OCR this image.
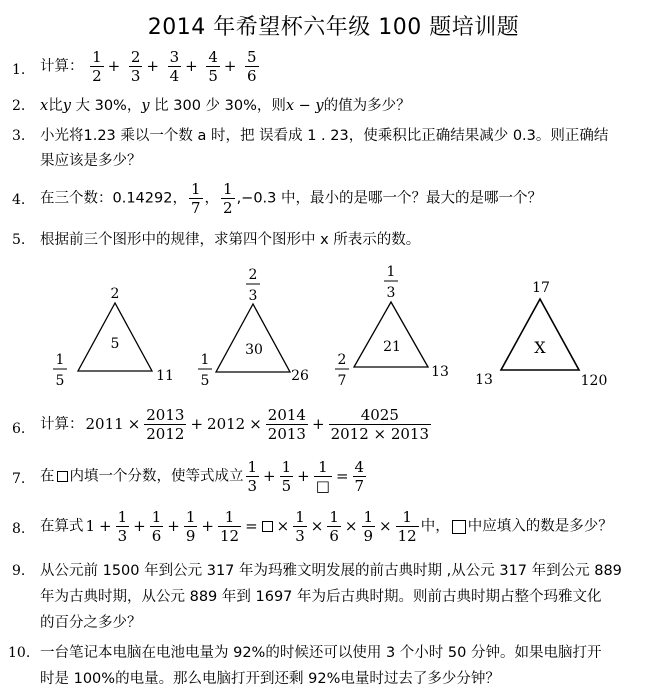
2014 年希望杯六年级 100 题培训题
1. 计算： $\frac{1}{2} + \frac{2}{3} + \frac{3}{4} + \frac{4}{5} + \frac{5}{6}$
2. x比y 大 30%，y 比 300 少 30%，则x − y的值为多少？
3. 小光将1.23 乘以一个数 a 时，把 误看成 1 . 23，使乘积比正确结果减少 0.3。则正确结
果应该是多少？
4. 在三个数：0.14292， $\frac{1}{7}$ ， $\frac{1}{2} ,-0.3$ 中，最小的是哪一个？最大的是哪一个？
5. 根据前三个图形中的规律，求第四个图形中 x 所表示的数。
2
5
1
5	11
2
3
30
1
5	26
1
3
21
2
7
13
17
X
13	120
6. 计算： $2011 \times \frac{2013}{2012} + 2012 \times \frac{2014}{2013} + \frac{4025}{2012 \times 2013}$
7. 在 内填一个分数，使等式成立 $\frac{1}{3} + \frac{1}{5} + \frac{1}{□} = \frac{4}{7}$
8. 在算式 $1 + \frac{1}{3} + \frac{1}{6} + \frac{1}{9} + \frac{1}{12}$ = × $\frac{1}{3} \times \frac{1}{6} \times \frac{1}{9} \times \frac{1}{12}$ 中， 中应填入的数是多少？
9. 从公元前 1500 年到公元 317 年为玛雅文明发展的前古典时期 ,从公元 317 年到公元 889
年为古典时期，从公元 889 年到 1697 年为后古典时期。则前古典时期占整个玛雅文化
的百分之多少？
10. 一台笔记本电脑在电池电量为 92%的时候还可以使用 3 个小时 50 分钟。如果电脑打开
时是 100%的电量。那么电脑打开到还剩 92%电量时过去了多少分钟？
